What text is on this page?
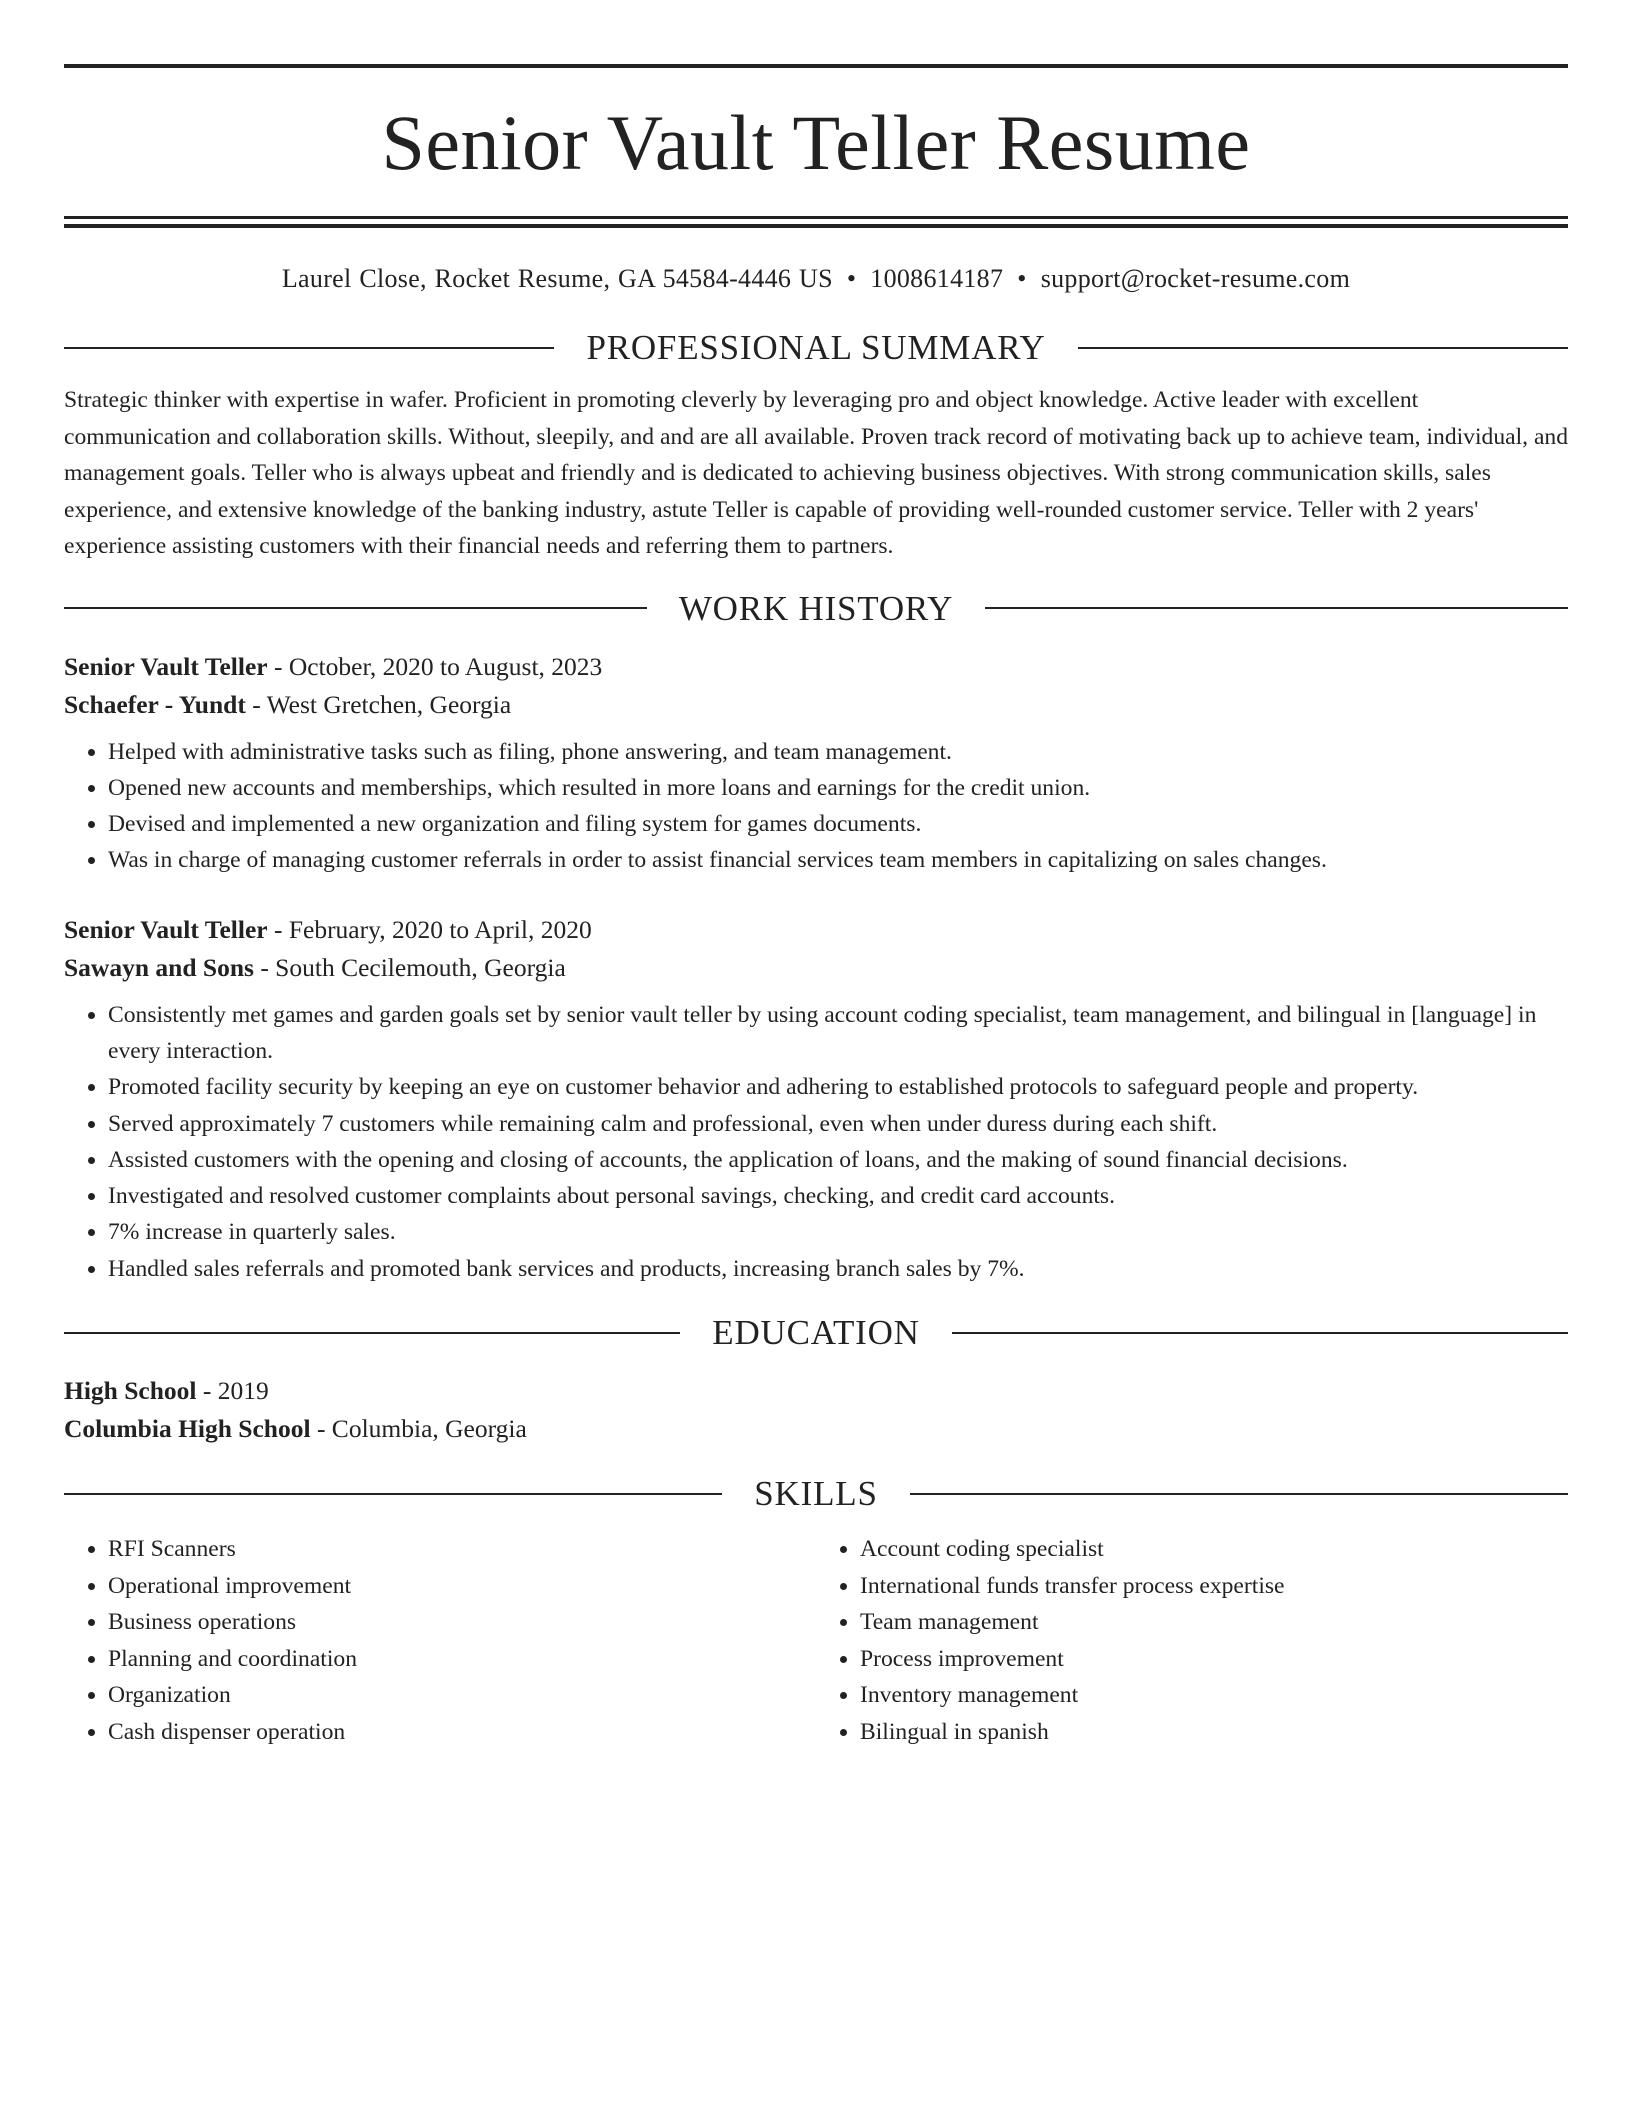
Senior Vault Teller Resume
Laurel Close, Rocket Resume, GA 54584-4446 US • 1008614187 • support@rocket-resume.com
PROFESSIONAL SUMMARY

Strategic thinker with expertise in wafer. Proficient in promoting cleverly by leveraging pro and object knowledge. Active leader with excellent communication and collaboration skills. Without, sleepily, and and are all available. Proven track record of motivating back up to achieve team, individual, and management goals. Teller who is always upbeat and friendly and is dedicated to achieving business objectives. With strong communication skills, sales experience, and extensive knowledge of the banking industry, astute Teller is capable of providing well-rounded customer service. Teller with 2 years' experience assisting customers with their financial needs and referring them to partners.

WORK HISTORY
Senior Vault Teller - October, 2020 to August, 2023
Schaefer - Yundt - West Gretchen, Georgia
• Helped with administrative tasks such as filing, phone answering, and team management.
• Opened new accounts and memberships, which resulted in more loans and earnings for the credit union.
• Devised and implemented a new organization and filing system for games documents.
• Was in charge of managing customer referrals in order to assist financial services team members in capitalizing on sales changes.
Senior Vault Teller - February, 2020 to April, 2020
Sawayn and Sons - South Cecilemouth, Georgia
• Consistently met games and garden goals set by senior vault teller by using account coding specialist, team management, and bilingual in [language] in every interaction.
• Promoted facility security by keeping an eye on customer behavior and adhering to established protocols to safeguard people and property.
• Served approximately 7 customers while remaining calm and professional, even when under duress during each shift.
• Assisted customers with the opening and closing of accounts, the application of loans, and the making of sound financial decisions.
• Investigated and resolved customer complaints about personal savings, checking, and credit card accounts.
• 7% increase in quarterly sales.
• Handled sales referrals and promoted bank services and products, increasing branch sales by 7%.
EDUCATION
High School - 2019
Columbia High School - Columbia, Georgia
SKILLS
• RFI Scanners
• Operational improvement
• Business operations
• Planning and coordination
• Organization
• Cash dispenser operation
• Account coding specialist
• International funds transfer process expertise
• Team management
• Process improvement
• Inventory management
• Bilingual in spanish
